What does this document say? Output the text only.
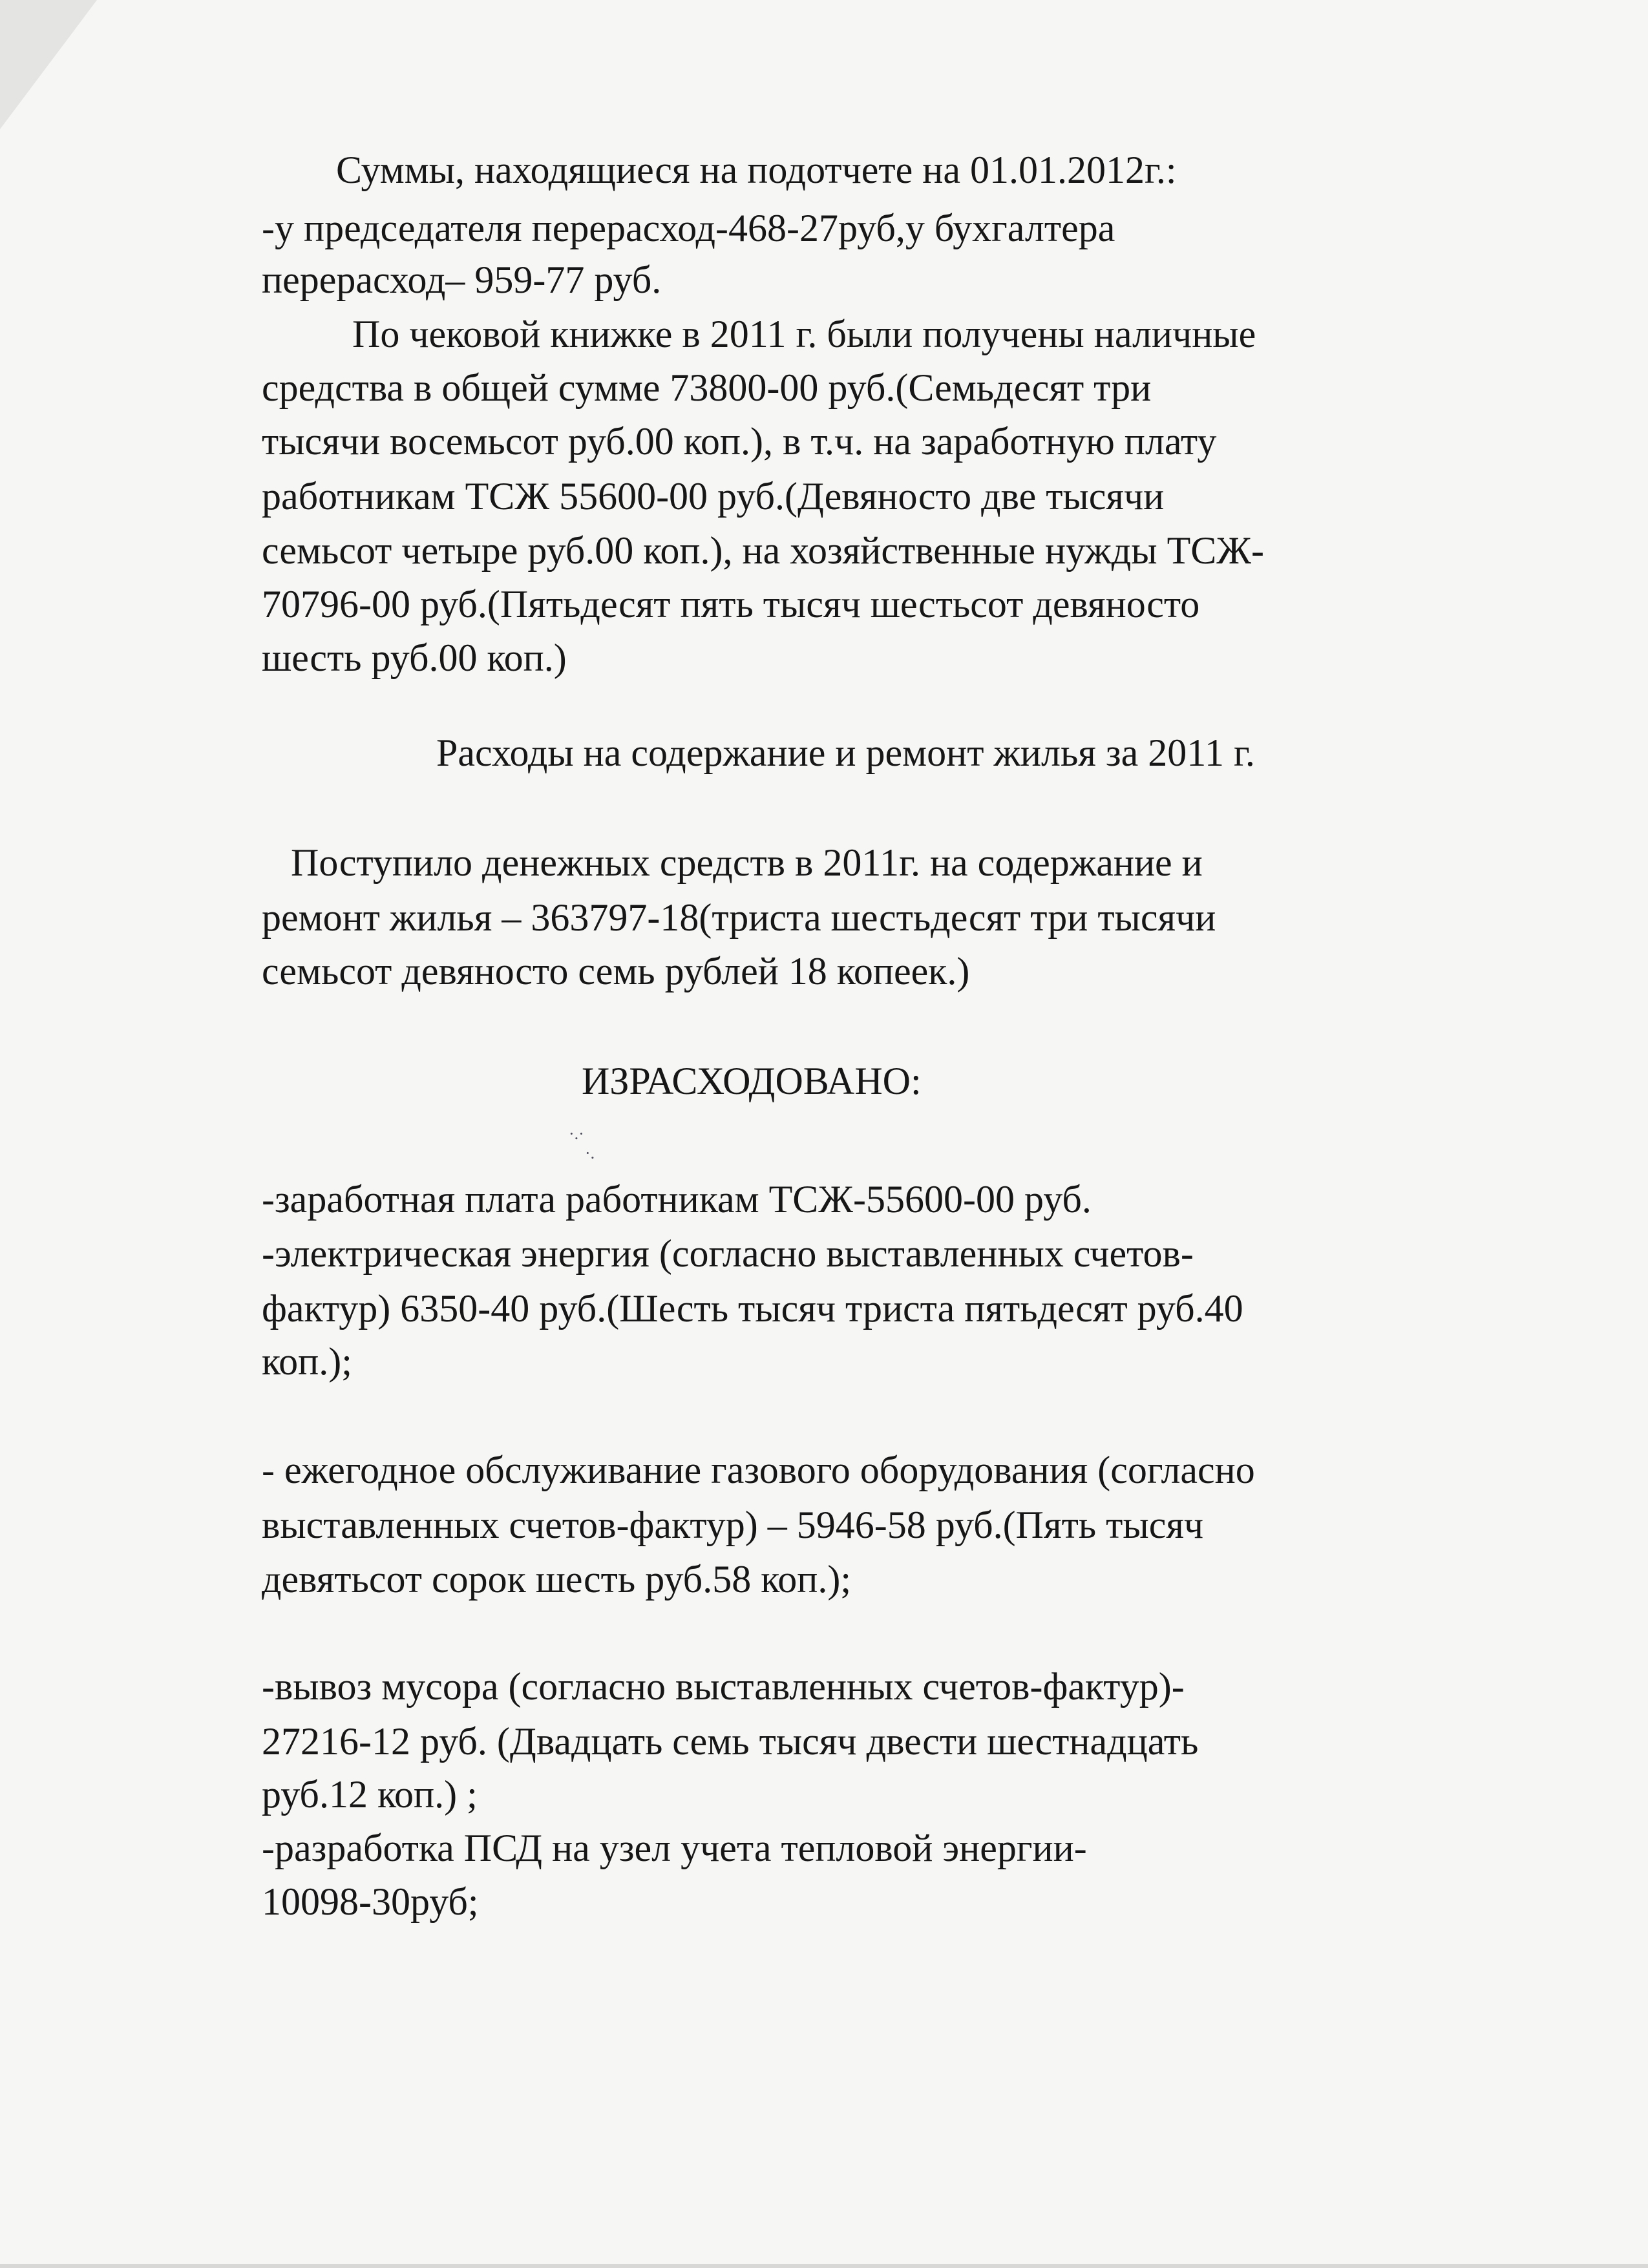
Суммы, находящиеся на подотчете на 01.01.2012г.:
-у председателя перерасход-468-27руб,у бухгалтера
перерасход– 959-77 руб.
По чековой книжке в 2011 г. были получены наличные
средства в общей сумме 73800-00 руб.(Семьдесят три
тысячи восемьсот руб.00 коп.), в т.ч. на заработную плату
работникам ТСЖ 55600-00 руб.(Девяносто две тысячи
семьсот четыре руб.00 коп.), на хозяйственные нужды ТСЖ-
70796-00 руб.(Пятьдесят пять тысяч шестьсот девяносто
шесть руб.00 коп.)
Расходы на содержание и ремонт жилья за 2011 г.
Поступило денежных средств в 2011г. на содержание и
ремонт жилья – 363797-18(триста шестьдесят три тысячи
семьсот девяносто семь рублей 18 копеек.)
ИЗРАСХОДОВАНО:
·.·
·.
-заработная плата работникам ТСЖ-55600-00 руб.
-электрическая энергия (согласно выставленных счетов-
фактур) 6350-40 руб.(Шесть тысяч триста пятьдесят руб.40
коп.);
- ежегодное обслуживание газового оборудования (согласно
выставленных счетов-фактур) – 5946-58 руб.(Пять тысяч
девятьсот сорок шесть руб.58 коп.);
-вывоз мусора (согласно выставленных счетов-фактур)-
27216-12 руб. (Двадцать семь тысяч двести шестнадцать
руб.12 коп.) ;
-разработка ПСД на узел учета тепловой энергии-
10098-30руб;
